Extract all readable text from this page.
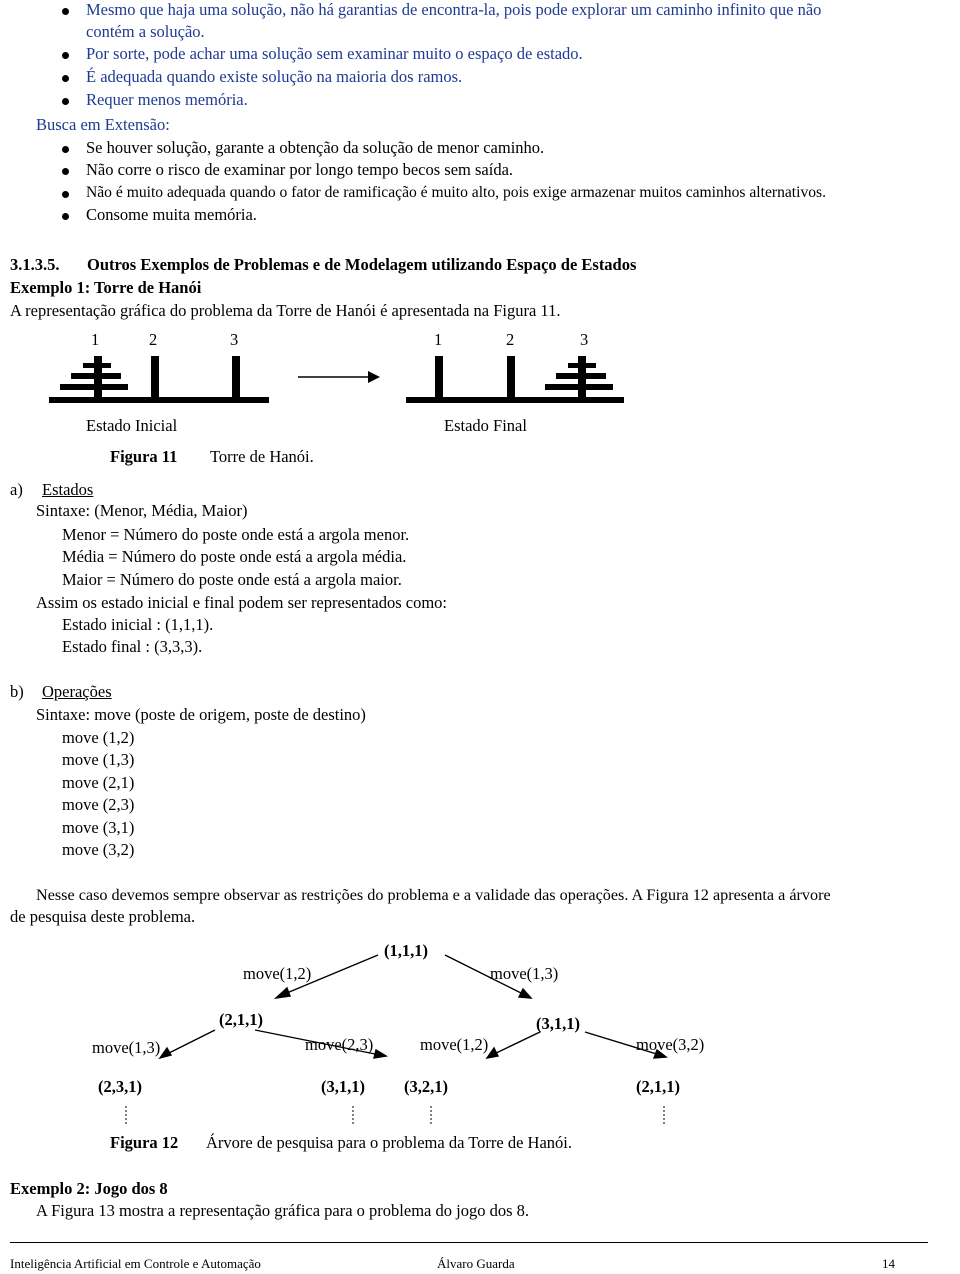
Mesmo que haja uma solução, não há garantias de encontra-la, pois pode explorar um caminho infinito que não
contém a solução.
Por sorte, pode achar uma solução sem examinar muito o espaço de estado.
É adequada quando existe solução na maioria dos ramos.
Requer menos memória.
Busca em Extensão:
Se houver solução, garante a obtenção da solução de menor caminho.
Não corre o risco de examinar por longo tempo becos sem saída.
Não é muito adequada quando o fator de ramificação é muito alto, pois exige armazenar muitos caminhos alternativos.
Consome muita memória.
3.1.3.5. Outros Exemplos de Problemas e de Modelagem utilizando Espaço de Estados
Exemplo 1: Torre de Hanói
A representação gráfica do problema da Torre de Hanói é apresentada na Figura 11.
1	2	3	1	2	3
Estado Inicial	Estado Final
Figura 11 Torre de Hanói.
a) Estados
Sintaxe: (Menor, Média, Maior)
Menor = Número do poste onde está a argola menor.
Média = Número do poste onde está a argola média.
Maior = Número do poste onde está a argola maior.
Assim os estado inicial e final podem ser representados como:
Estado inicial : (1,1,1).
Estado final : (3,3,3).
b) Operações
Sintaxe: move (poste de origem, poste de destino)
move (1,2)
move (1,3)
move (2,1)
move (2,3)
move (3,1)
move (3,2)
Nesse caso devemos sempre observar as restrições do problema e a validade das operações. A Figura 12 apresenta a árvore
de pesquisa deste problema.
(1,1,1)
move(1,2)	move(1,3)
(2,1,1)	(3,1,1)
move(1,3)	move(2,3)	move(1,2)	move(3,2)
(2,3,1)	(3,1,1) (3,2,1)	(2,1,1)
Figura 12 Árvore de pesquisa para o problema da Torre de Hanói.
Exemplo 2: Jogo dos 8
A Figura 13 mostra a representação gráfica para o problema do jogo dos 8.
Inteligência Artificial em Controle e Automação	Álvaro Guarda	14
